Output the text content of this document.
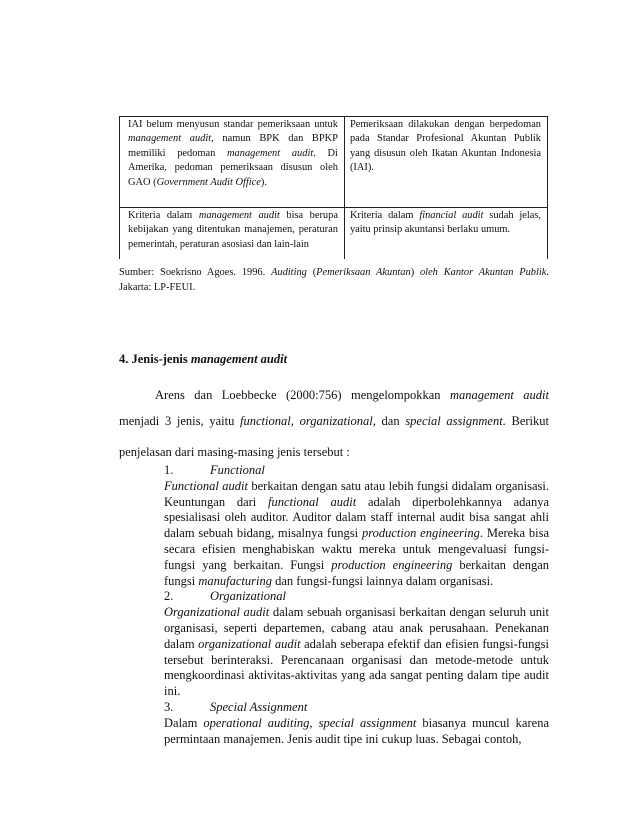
IAI belum menyusun standar pemeriksaan untuk management audit, namun BPK dan BPKP memiliki pedoman management audit. Di Amerika, pedoman pemeriksaan disusun oleh GAO (Government Audit Office).	Pemeriksaan dilakukan dengan berpedoman pada Standar Profesional Akuntan Publik yang disusun oleh Ikatan Akuntan Indonesia (IAI).
Kriteria dalam management audit bisa berupa kebijakan yang ditentukan manajemen, peraturan pemerintah, peraturan asosiasi dan lain-lain	Kriteria dalam financial audit sudah jelas, yaitu prinsip akuntansi berlaku umum.
Sumber: Soekrisno Agoes. 1996. Auditing (Pemeriksaan Akuntan) oleh Kantor Akuntan Publik. Jakarta: LP-FEUI.
4. Jenis-jenis management audit
Arens dan Loebbecke (2000:756) mengelompokkan management audit
menjadi 3 jenis, yaitu functional, organizational, dan special assignment. Berikut
penjelasan dari masing-masing jenis tersebut :
1.	Functional

Functional audit berkaitan dengan satu atau lebih fungsi didalam organisasi. Keuntungan dari functional audit adalah diperbolehkannya adanya spesialisasi oleh auditor. Auditor dalam staff internal audit bisa sangat ahli dalam sebuah bidang, misalnya fungsi production engineering. Mereka bisa secara efisien menghabiskan waktu mereka untuk mengevaluasi fungsi-fungsi yang berkaitan. Fungsi production engineering berkaitan dengan fungsi manufacturing dan fungsi-fungsi lainnya dalam organisasi.

2.	Organizational

Organizational audit dalam sebuah organisasi berkaitan dengan seluruh unit organisasi, seperti departemen, cabang atau anak perusahaan. Penekanan dalam organizational audit adalah seberapa efektif dan efisien fungsi-fungsi tersebut berinteraksi. Perencanaan organisasi dan metode-metode untuk mengkoordinasi aktivitas-aktivitas yang ada sangat penting dalam tipe audit ini.

3.	Special Assignment

Dalam operational auditing, special assignment biasanya muncul karena permintaan manajemen. Jenis audit tipe ini cukup luas. Sebagai contoh,
